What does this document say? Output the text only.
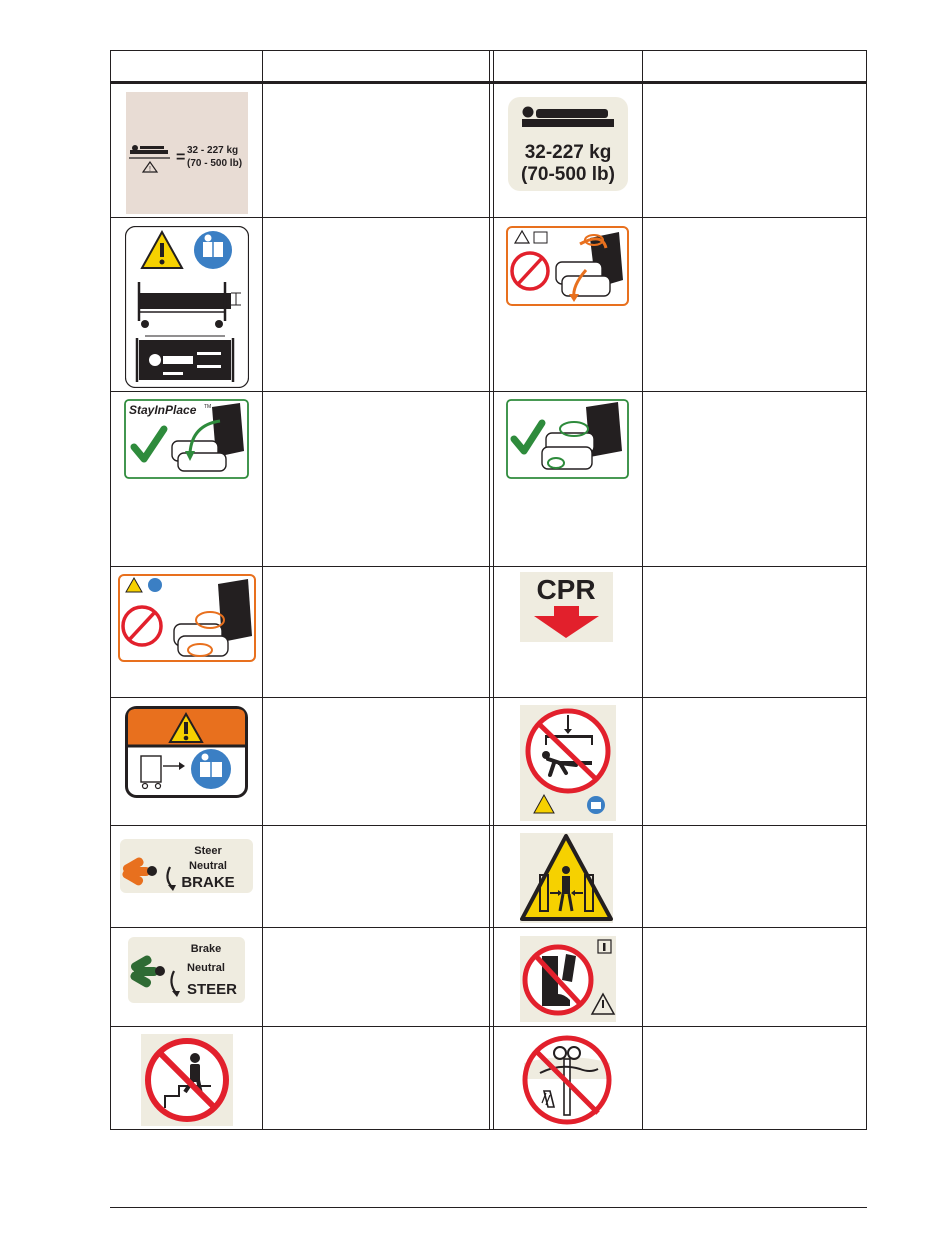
!
= 32 - 227 kg
(70 - 500 lb)
32-227 kg
(70-500 lb)
StayInPlace TM
CPR
Steer
Neutral
BRAKE
Brake
Neutral
STEER
